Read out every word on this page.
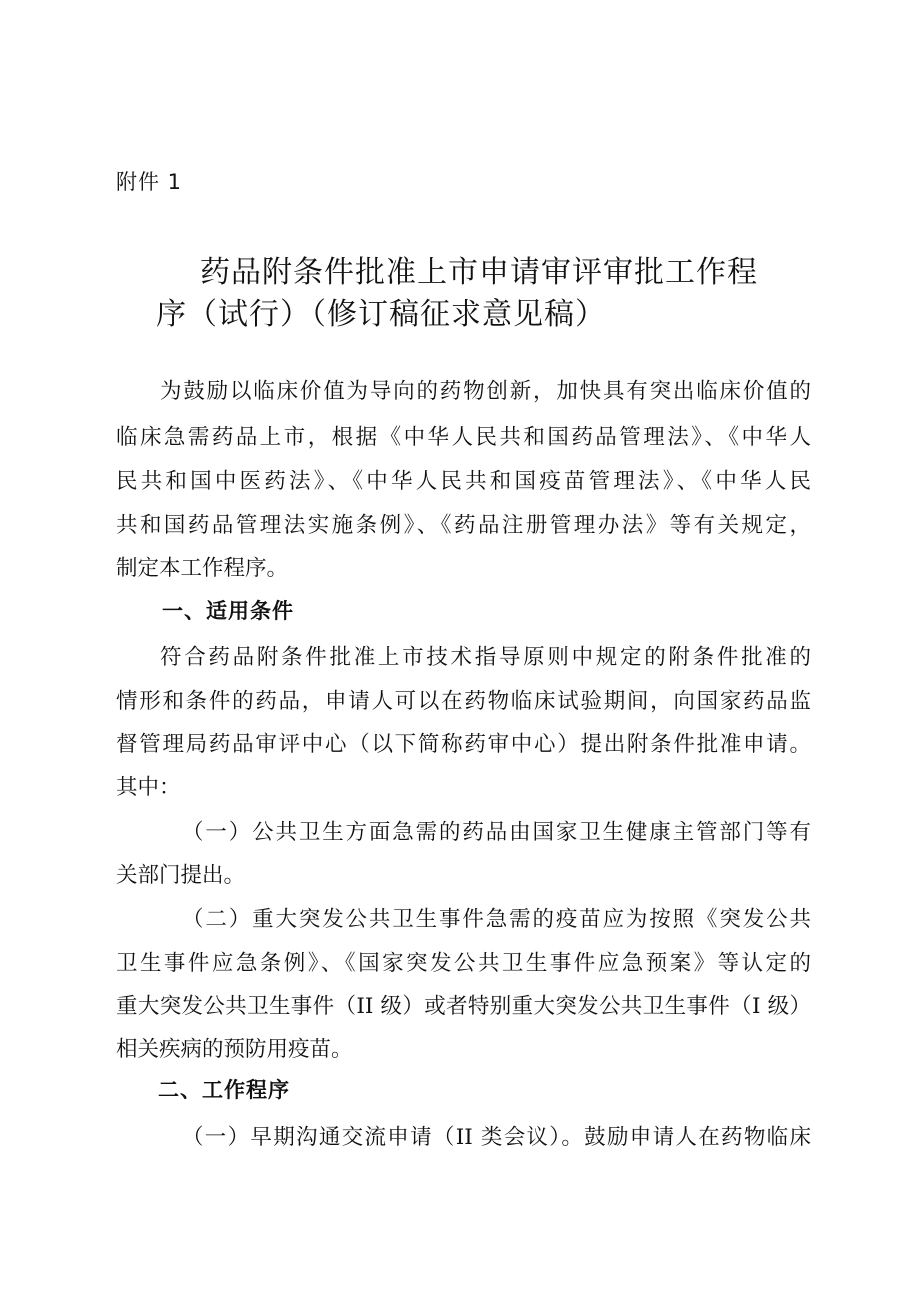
附件 1
药品附条件批准上市申请审评审批工作程
序（试行）（修订稿征求意见稿）
为鼓励以临床价值为导向的药物创新，加快具有突出临床价值的
临床急需药品上市，根据《中华人民共和国药品管理法》、《中华人
民共和国中医药法》、《中华人民共和国疫苗管理法》、《中华人民
共和国药品管理法实施条例》、《药品注册管理办法》等有关规定，
制定本工作程序。
一、适用条件
符合药品附条件批准上市技术指导原则中规定的附条件批准的
情形和条件的药品，申请人可以在药物临床试验期间，向国家药品监
督管理局药品审评中心（以下简称药审中心）提出附条件批准申请。
其中：
（一）公共卫生方面急需的药品由国家卫生健康主管部门等有
关部门提出。
（二）重大突发公共卫生事件急需的疫苗应为按照《突发公共
卫生事件应急条例》、《国家突发公共卫生事件应急预案》等认定的
重大突发公共卫生事件（II 级）或者特别重大突发公共卫生事件（I 级）
相关疾病的预防用疫苗。
二、工作程序
（一）早期沟通交流申请（II 类会议）。鼓励申请人在药物临床
